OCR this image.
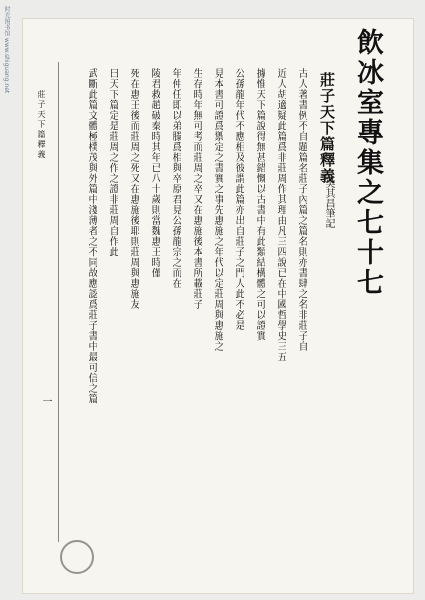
时光图书馆 www.shiguang.net	飲冰室專集之七十七
莊子天下篇釋義
吳其昌筆記
古人著書例不自題篇名莊子內篇之篇名則亦書肆之名非莊子自
近人胡適疑此篇爲非莊周作其理由凡三四說已在中國哲學史三五
據惟天下篇說得無甚錯慨以古書中有此類結構體之可以證實
公孫龍年代不應相及彼謂此篇亦出自莊子之門人此不必是
見本書可證爲禦定之書實之事先惠施之年代以定莊周與惠施之
生存時年無可考而莊周之卒又在惠施後本書所載莊子
年仲任即以弟滕爲相與卒原君見公孫龍宗之而在
陵君救趙破秦時其年已八十歲則當魏惠王時僅
死在惠王後而莊周之死又在惠施後耶則莊周與惠施友
曰天下篇定是莊周之作之證非莊周自作此
武斷此篇文體極樸茂與外篇中淺薄者之不同故應認爲莊子書中最可信之篇
莊子天下篇釋義
一
